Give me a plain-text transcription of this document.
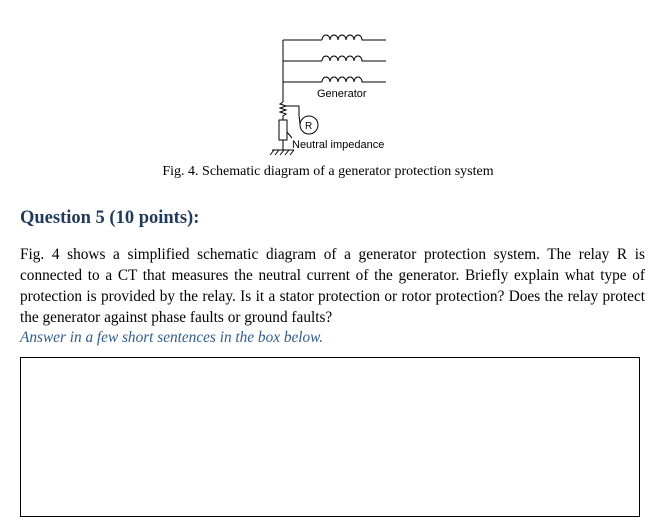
Generator
R
Neutral impedance
Fig. 4. Schematic diagram of a generator protection system
Question 5 (10 points):
Fig. 4 shows a simplified schematic diagram of a generator protection system. The relay R is connected to a CT that measures the neutral current of the generator. Briefly explain what type of protection is provided by the relay. Is it a stator protection or rotor protection? Does the relay protect the generator against phase faults or ground faults?
Answer in a few short sentences in the box below.
